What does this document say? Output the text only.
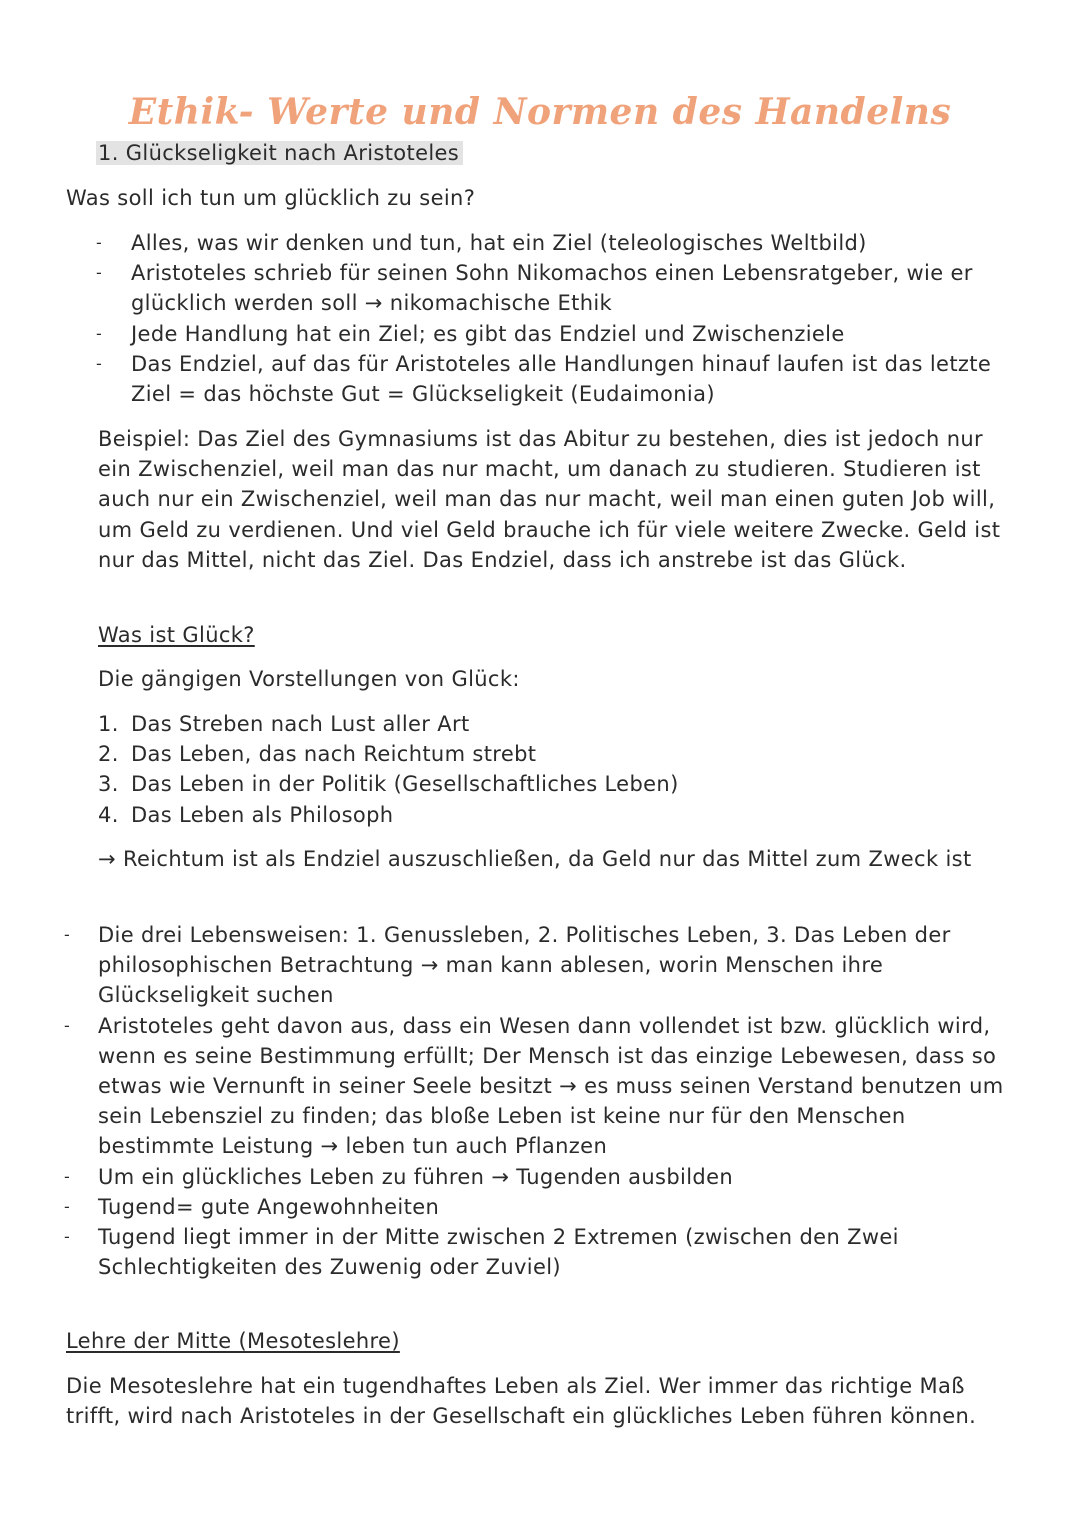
Ethik- Werte und Normen des Handelns
1. Glückseligkeit nach Aristoteles

Was soll ich tun um glücklich zu sein?

- Alles, was wir denken und tun, hat ein Ziel (teleologisches Weltbild)
- Aristoteles schrieb für seinen Sohn Nikomachos einen Lebensratgeber, wie er glücklich werden soll → nikomachische Ethik
- Jede Handlung hat ein Ziel; es gibt das Endziel und Zwischenziele
- Das Endziel, auf das für Aristoteles alle Handlungen hinauf laufen ist das letzte Ziel = das höchste Gut = Glückseligkeit (Eudaimonia)

Beispiel: Das Ziel des Gymnasiums ist das Abitur zu bestehen, dies ist jedoch nur ein Zwischenziel, weil man das nur macht, um danach zu studieren. Studieren ist auch nur ein Zwischenziel, weil man das nur macht, weil man einen guten Job will, um Geld zu verdienen. Und viel Geld brauche ich für viele weitere Zwecke. Geld ist nur das Mittel, nicht das Ziel. Das Endziel, dass ich anstrebe ist das Glück.

Was ist Glück?

Die gängigen Vorstellungen von Glück:

1. Das Streben nach Lust aller Art
2. Das Leben, das nach Reichtum strebt
3. Das Leben in der Politik (Gesellschaftliches Leben)
4. Das Leben als Philosoph

→ Reichtum ist als Endziel auszuschließen, da Geld nur das Mittel zum Zweck ist

- Die drei Lebensweisen: 1. Genussleben, 2. Politisches Leben, 3. Das Leben der philosophischen Betrachtung → man kann ablesen, worin Menschen ihre Glückseligkeit suchen
- Aristoteles geht davon aus, dass ein Wesen dann vollendet ist bzw. glücklich wird, wenn es seine Bestimmung erfüllt; Der Mensch ist das einzige Lebewesen, dass so etwas wie Vernunft in seiner Seele besitzt → es muss seinen Verstand benutzen um sein Lebensziel zu finden; das bloße Leben ist keine nur für den Menschen bestimmte Leistung → leben tun auch Pflanzen
- Um ein glückliches Leben zu führen → Tugenden ausbilden
- Tugend= gute Angewohnheiten
- Tugend liegt immer in der Mitte zwischen 2 Extremen (zwischen den Zwei Schlechtigkeiten des Zuwenig oder Zuviel)

Lehre der Mitte (Mesoteslehre)

Die Mesoteslehre hat ein tugendhaftes Leben als Ziel. Wer immer das richtige Maß trifft, wird nach Aristoteles in der Gesellschaft ein glückliches Leben führen können.
